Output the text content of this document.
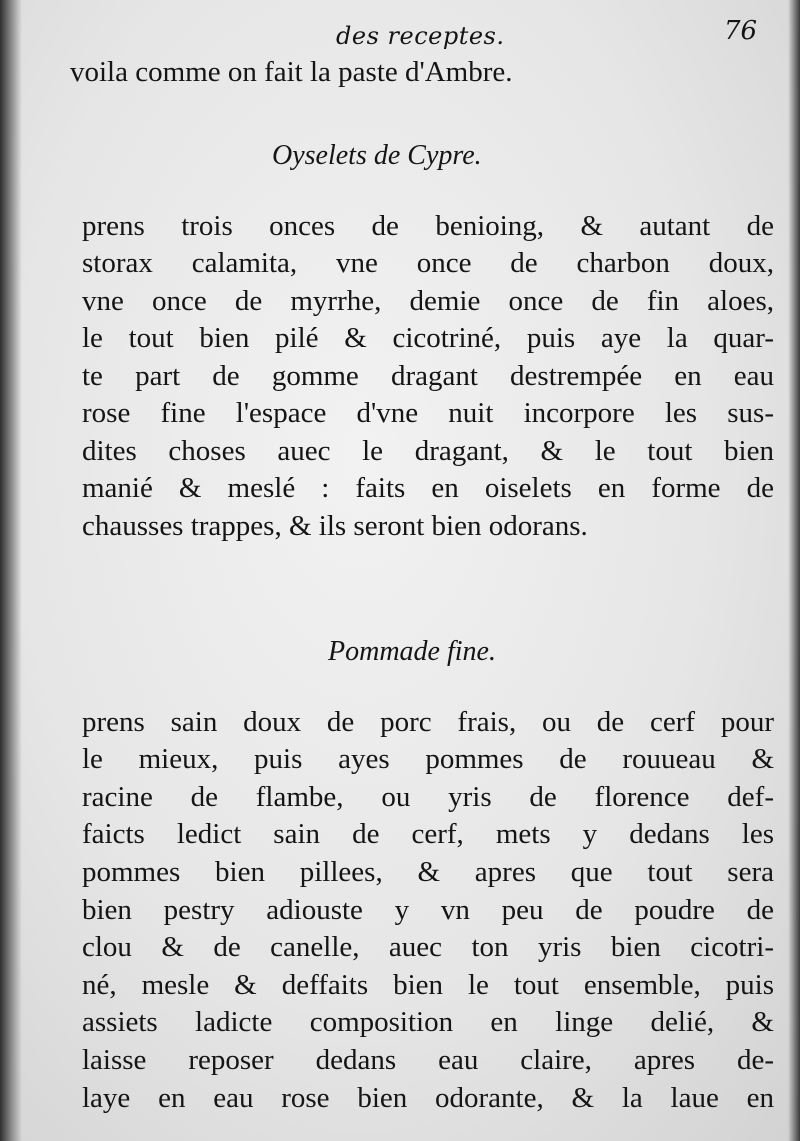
des receptes.	76
voila comme on fait la paste d'Ambre.
Oyselets de Cypre.
prens trois onces de benioing, & autant de
storax calamita, vne once de charbon doux,
vne once de myrrhe, demie once de fin aloes,
le tout bien pilé & cicotriné, puis aye la quar-
te part de gomme dragant destrempée en eau
rose fine l'espace d'vne nuit incorpore les sus-
dites choses auec le dragant, & le tout bien
manié & meslé : faits en oiselets en forme de
chausses trappes, & ils seront bien odorans.
Pommade fine.
prens sain doux de porc frais, ou de cerf pour
le mieux, puis ayes pommes de rouueau &
racine de flambe, ou yris de florence def-
faicts ledict sain de cerf, mets y dedans les
pommes bien pillees, & apres que tout sera
bien pestry adiouste y vn peu de poudre de
clou & de canelle, auec ton yris bien cicotri-
né, mesle & deffaits bien le tout ensemble, puis
assiets ladicte composition en linge delié, &
laisse reposer dedans eau claire, apres de-
laye en eau rose bien odorante, & la laue en
